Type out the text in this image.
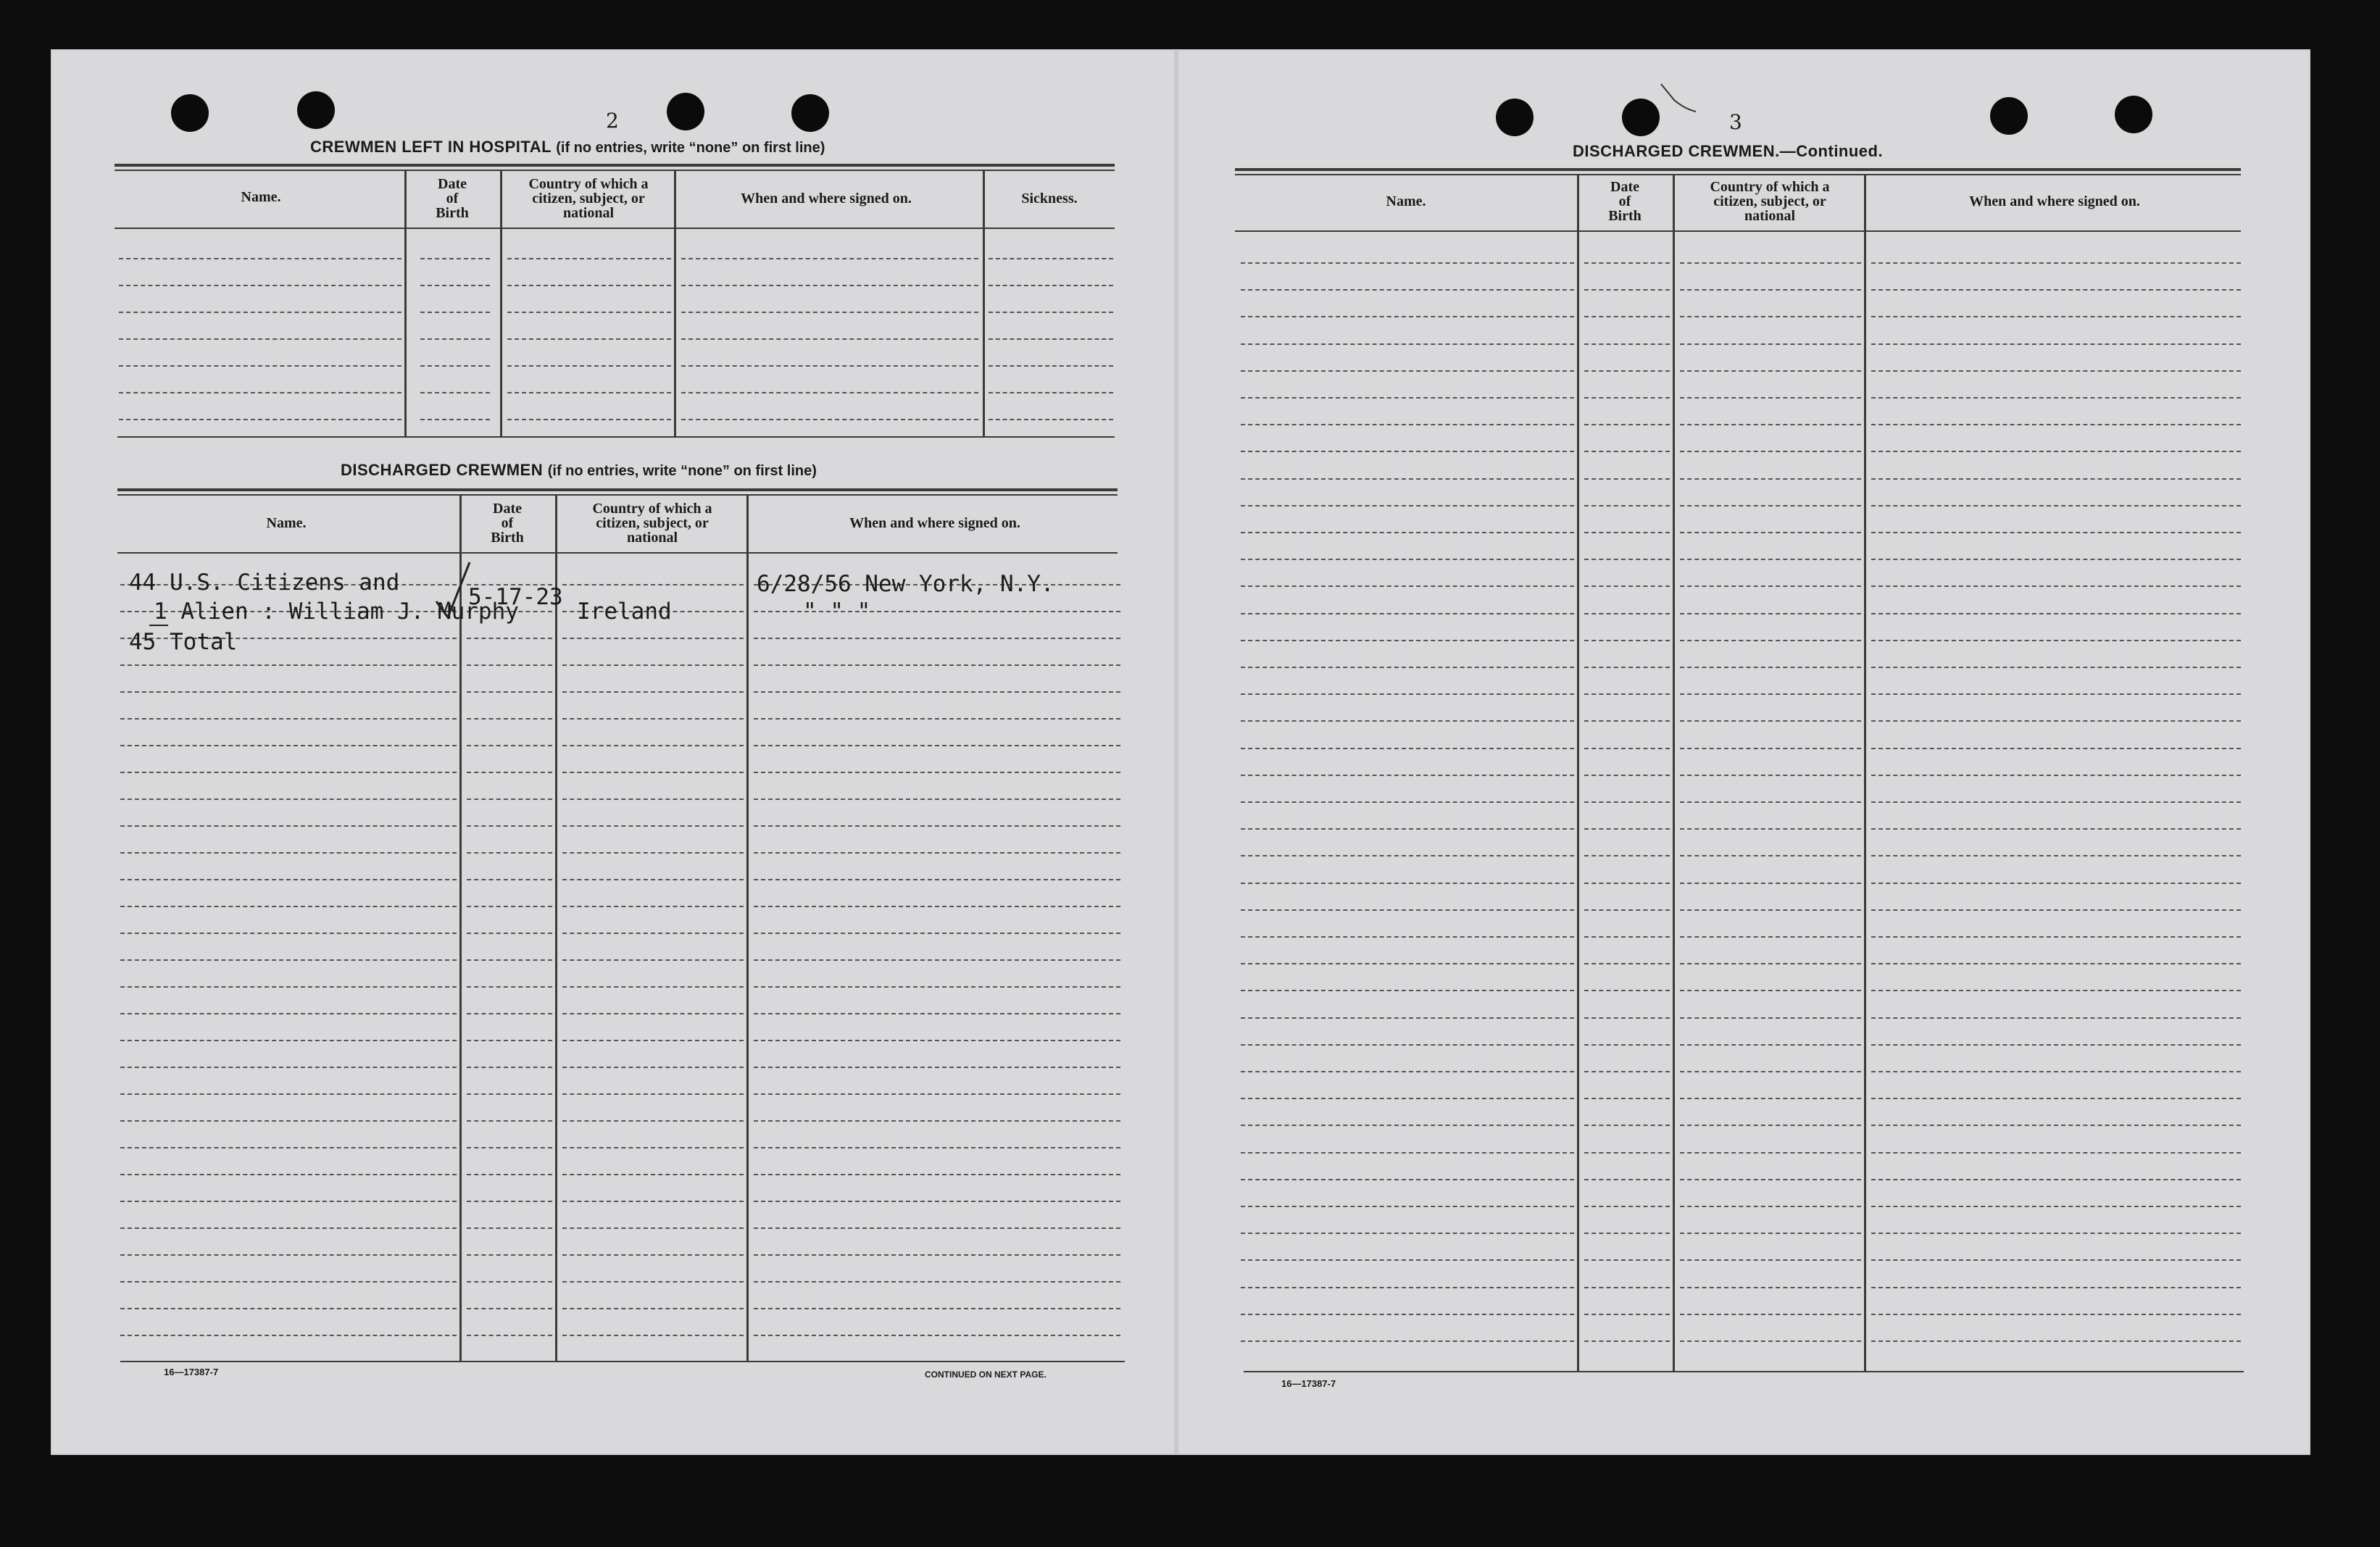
2
CREWMEN LEFT IN HOSPITAL (if no entries, write “none” on first line)
Name.
Date
of
Birth
Country of which a
citizen, subject, or
national
When and where signed on.	Sickness.
DISCHARGED CREWMEN (if no entries, write “none” on first line)
Name.
Date
of
Birth
Country of which a
citizen, subject, or
national
When and where signed on.
44 U.S. Citizens and
1 Alien : William J. Murphy
5-17-23
Ireland
6/28/56 New York, N.Y.
" " "
45 Total
16—17387-7	CONTINUED ON NEXT PAGE.
3
DISCHARGED CREWMEN.—Continued.
Name.
Date
of
Birth
Country of which a
citizen, subject, or
national
When and where signed on.
16—17387-7
